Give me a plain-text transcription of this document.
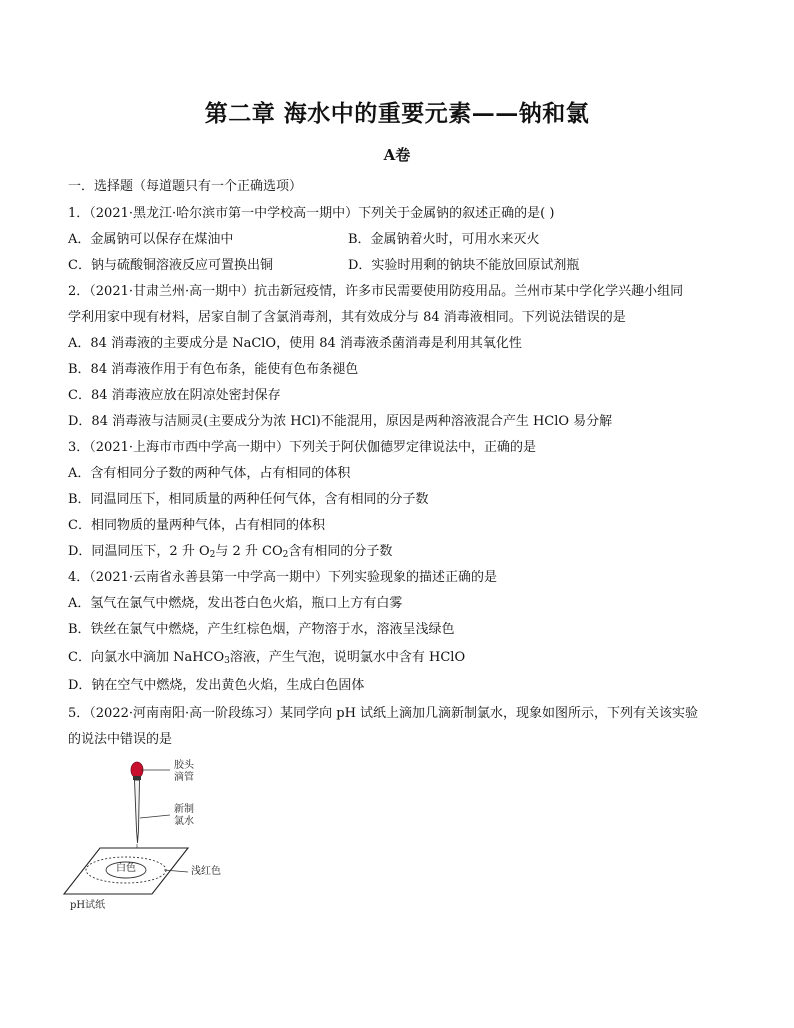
第二章 海水中的重要元素——钠和氯
A卷
一．选择题（每道题只有一个正确选项）
1．（2021·黑龙江·哈尔滨市第一中学校高一期中）下列关于金属钠的叙述正确的是( )
A．金属钠可以保存在煤油中	B．金属钠着火时，可用水来灭火
C．钠与硫酸铜溶液反应可置换出铜	D．实验时用剩的钠块不能放回原试剂瓶
2．（2021·甘肃兰州·高一期中）抗击新冠疫情，许多市民需要使用防疫用品。兰州市某中学化学兴趣小组同
学利用家中现有材料，居家自制了含氯消毒剂，其有效成分与 84 消毒液相同。下列说法错误的是
A．84 消毒液的主要成分是 NaClO，使用 84 消毒液杀菌消毒是利用其氧化性
B．84 消毒液作用于有色布条，能使有色布条褪色
C．84 消毒液应放在阴凉处密封保存
D．84 消毒液与洁厕灵(主要成分为浓 HCl)不能混用，原因是两种溶液混合产生 HClO 易分解
3．（2021·上海市市西中学高一期中）下列关于阿伏伽德罗定律说法中，正确的是
A．含有相同分子数的两种气体，占有相同的体积
B．同温同压下，相同质量的两种任何气体，含有相同的分子数
C．相同物质的量两种气体，占有相同的体积
D．同温同压下，2 升 $O_2$与 2 升 $CO_2$含有相同的分子数
4．（2021·云南省永善县第一中学高一期中）下列实验现象的描述正确的是
A．氢气在氯气中燃烧，发出苍白色火焰，瓶口上方有白雾
B．铁丝在氯气中燃烧，产生红棕色烟，产物溶于水，溶液呈浅绿色
C．向氯水中滴加 NaHCO$_3$溶液，产生气泡，说明氯水中含有 HClO
D．钠在空气中燃烧，发出黄色火焰，生成白色固体
5．（2022·河南南阳·高一阶段练习）某同学向 pH 试纸上滴加几滴新制氯水，现象如图所示，下列有关该实验
的说法中错误的是
胶头
滴管
新制
氯水
白色	浅红色
pH试纸
